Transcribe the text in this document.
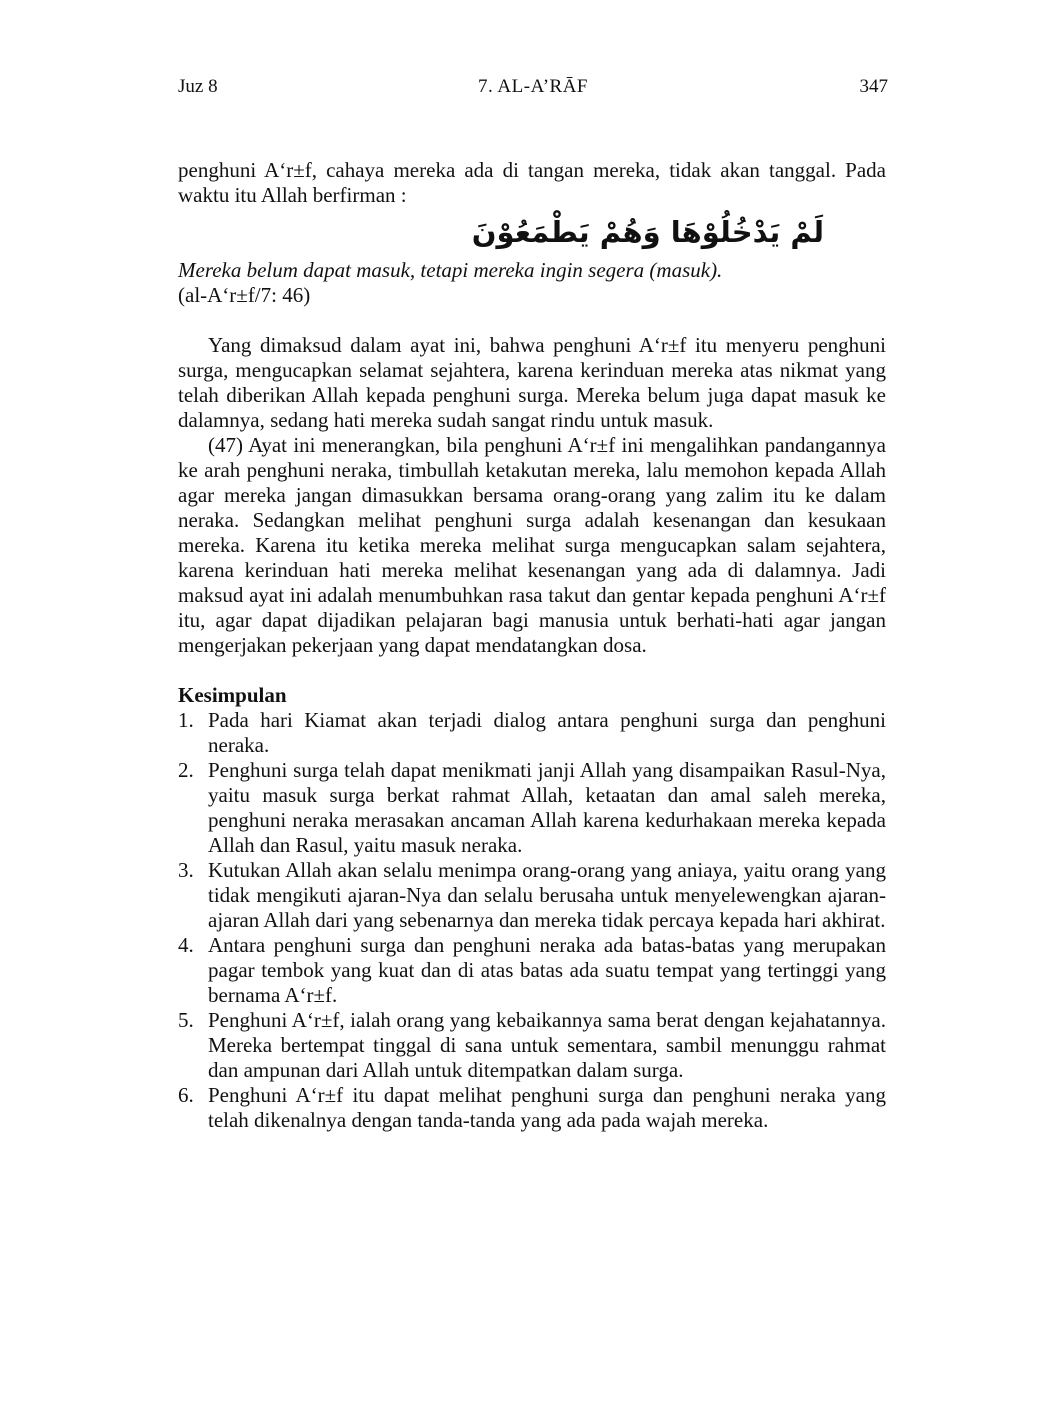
Juz 8	7. AL-A’RĀF	347

penghuni A‘r±f, cahaya mereka ada di tangan mereka, tidak akan tanggal. Pada waktu itu Allah berfirman :

لَمْ يَدْخُلُوْهَا وَهُمْ يَطْمَعُوْنَ

Mereka belum dapat masuk, tetapi mereka ingin segera (masuk).

(al-A‘r±f/7: 46)

Yang dimaksud dalam ayat ini, bahwa penghuni A‘r±f itu menyeru penghuni surga, mengucapkan selamat sejahtera, karena kerinduan mereka atas nikmat yang telah diberikan Allah kepada penghuni surga. Mereka belum juga dapat masuk ke dalamnya, sedang hati mereka sudah sangat rindu untuk masuk.

(47) Ayat ini menerangkan, bila penghuni A‘r±f ini mengalihkan pandangannya ke arah penghuni neraka, timbullah ketakutan mereka, lalu memohon kepada Allah agar mereka jangan dimasukkan bersama orang-orang yang zalim itu ke dalam neraka. Sedangkan melihat penghuni surga adalah kesenangan dan kesukaan mereka. Karena itu ketika mereka melihat surga mengucapkan salam sejahtera, karena kerinduan hati mereka melihat kesenangan yang ada di dalamnya. Jadi maksud ayat ini adalah menumbuhkan rasa takut dan gentar kepada penghuni A‘r±f itu, agar dapat dijadikan pelajaran bagi manusia untuk berhati-hati agar jangan mengerjakan pekerjaan yang dapat mendatangkan dosa.

Kesimpulan

1. Pada hari Kiamat akan terjadi dialog antara penghuni surga dan penghuni neraka.
2. Penghuni surga telah dapat menikmati janji Allah yang disampaikan Rasul-Nya, yaitu masuk surga berkat rahmat Allah, ketaatan dan amal saleh mereka, penghuni neraka merasakan ancaman Allah karena kedurhakaan mereka kepada Allah dan Rasul, yaitu masuk neraka.
3. Kutukan Allah akan selalu menimpa orang-orang yang aniaya, yaitu orang yang tidak mengikuti ajaran-Nya dan selalu berusaha untuk menyelewengkan ajaran-ajaran Allah dari yang sebenarnya dan mereka tidak percaya kepada hari akhirat.
4. Antara penghuni surga dan penghuni neraka ada batas-batas yang merupakan pagar tembok yang kuat dan di atas batas ada suatu tempat yang tertinggi yang bernama A‘r±f.
5. Penghuni A‘r±f, ialah orang yang kebaikannya sama berat dengan kejahatannya. Mereka bertempat tinggal di sana untuk sementara, sambil menunggu rahmat dan ampunan dari Allah untuk ditempatkan dalam surga.
6. Penghuni A‘r±f itu dapat melihat penghuni surga dan penghuni neraka yang telah dikenalnya dengan tanda-tanda yang ada pada wajah mereka.
